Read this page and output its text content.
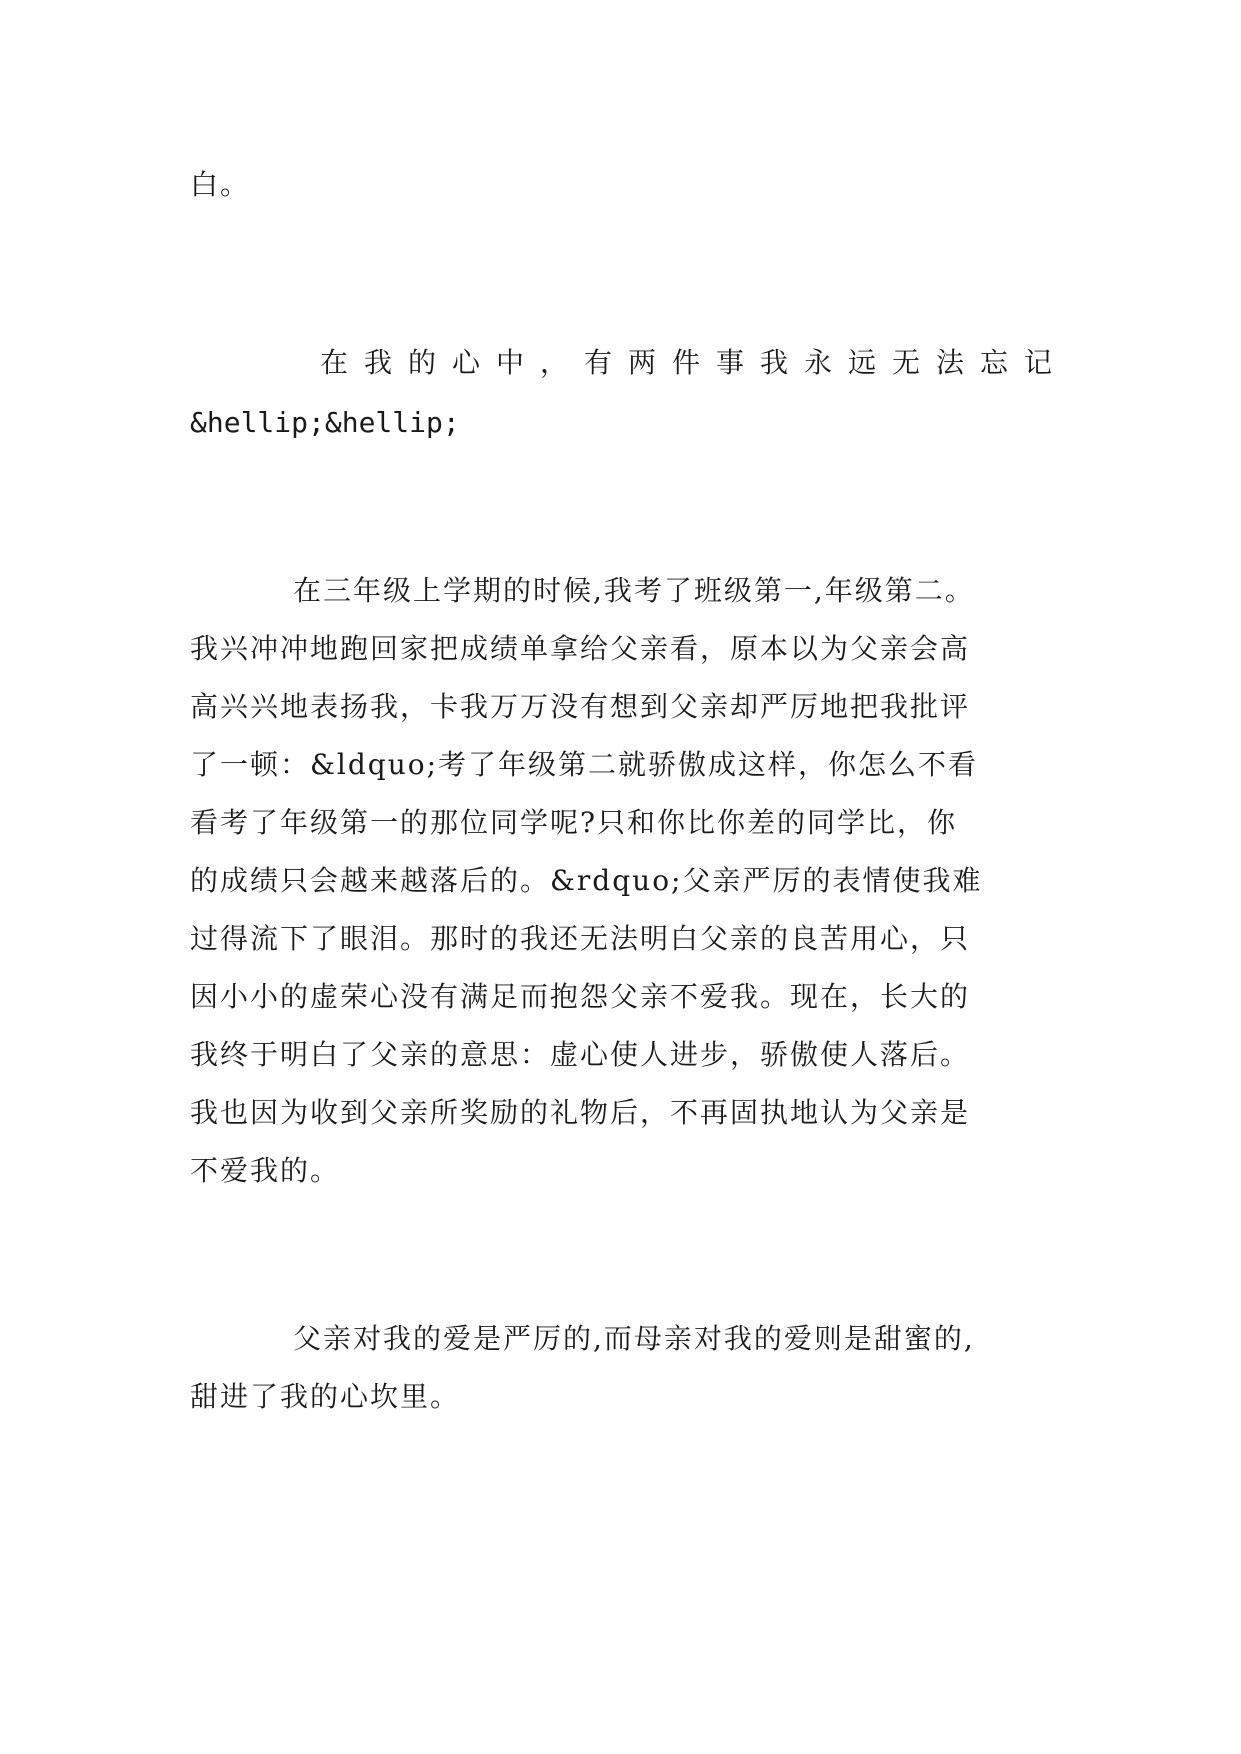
白。
在我的心中，有两件事我永远无法忘记
&hellip;&hellip;
在三年级上学期的时候,我考了班级第一,年级第二。
我兴冲冲地跑回家把成绩单拿给父亲看，原本以为父亲会高
高兴兴地表扬我，卡我万万没有想到父亲却严厉地把我批评
了一顿：&ldquo;考了年级第二就骄傲成这样，你怎么不看
看考了年级第一的那位同学呢?只和你比你差的同学比，你
的成绩只会越来越落后的。&rdquo;父亲严厉的表情使我难
过得流下了眼泪。那时的我还无法明白父亲的良苦用心，只
因小小的虚荣心没有满足而抱怨父亲不爱我。现在，长大的
我终于明白了父亲的意思：虚心使人进步，骄傲使人落后。
我也因为收到父亲所奖励的礼物后，不再固执地认为父亲是
不爱我的。
父亲对我的爱是严厉的,而母亲对我的爱则是甜蜜的,
甜进了我的心坎里。
